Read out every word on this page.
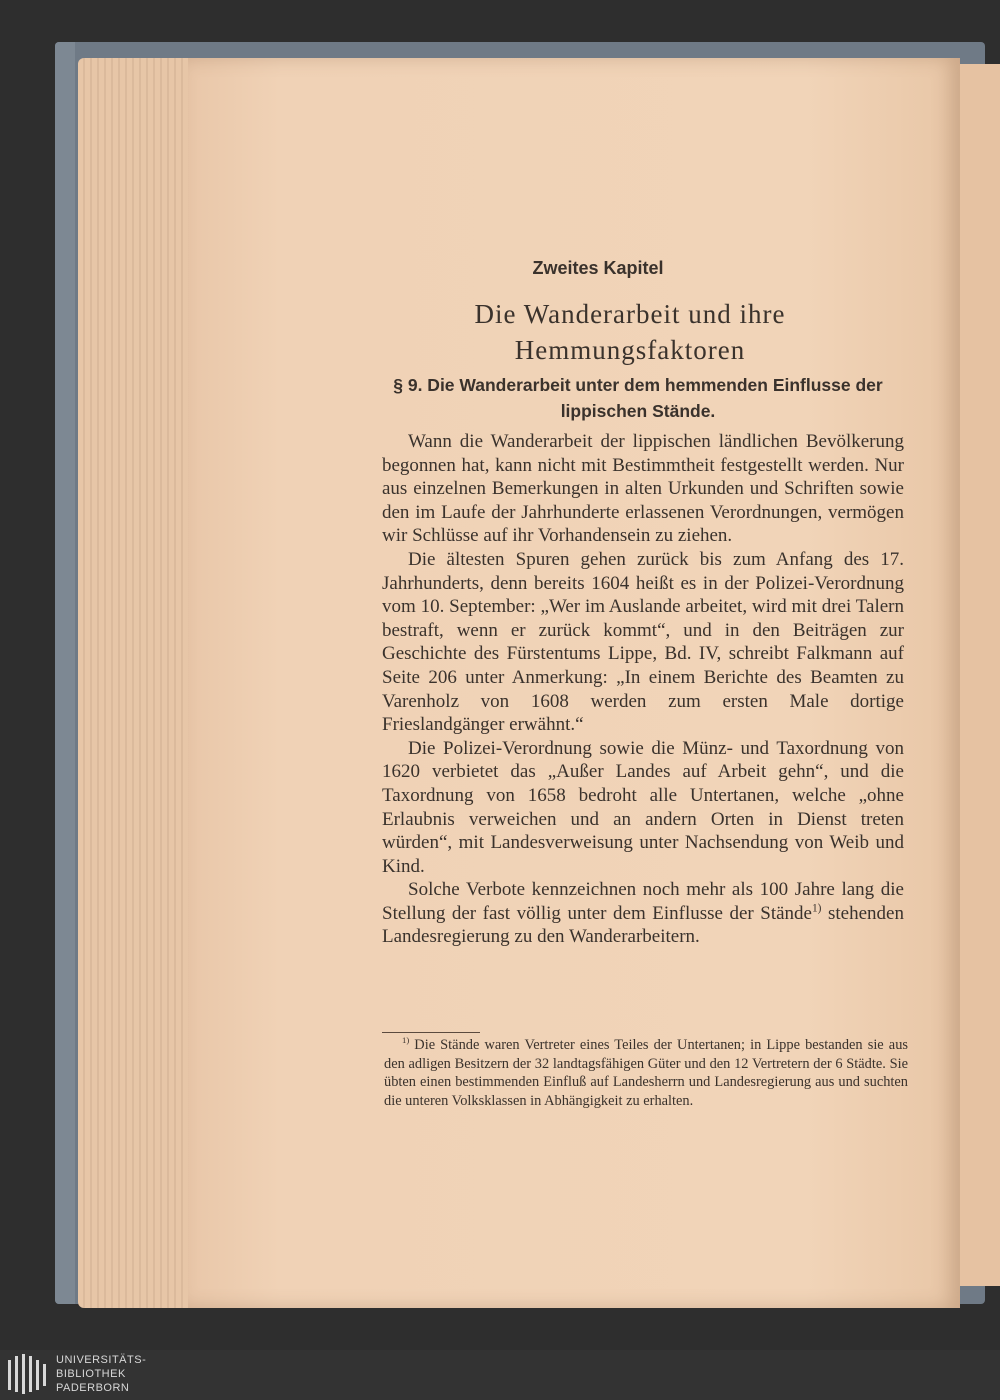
Zweites Kapitel
Die Wanderarbeit und ihre
Hemmungsfaktoren
§ 9. Die Wanderarbeit unter dem hemmenden Einflusse der
lippischen Stände.

Wann die Wanderarbeit der lippischen ländlichen Bevölkerung begonnen hat, kann nicht mit Bestimmtheit festgestellt werden. Nur aus einzelnen Bemerkungen in alten Urkunden und Schriften sowie den im Laufe der Jahrhunderte erlassenen Verordnungen, vermögen wir Schlüsse auf ihr Vorhandensein zu ziehen.

Die ältesten Spuren gehen zurück bis zum Anfang des 17. Jahrhunderts, denn bereits 1604 heißt es in der Polizei-Verordnung vom 10. September: „Wer im Auslande arbeitet, wird mit drei Talern bestraft, wenn er zurück kommt“, und in den Beiträgen zur Geschichte des Fürstentums Lippe, Bd. IV, schreibt Falkmann auf Seite 206 unter Anmerkung: „In einem Berichte des Beamten zu Varenholz von 1608 werden zum ersten Male dortige Frieslandgänger erwähnt.“

Die Polizei-Verordnung sowie die Münz- und Taxordnung von 1620 verbietet das „Außer Landes auf Arbeit gehn“, und die Taxordnung von 1658 bedroht alle Untertanen, welche „ohne Erlaubnis verweichen und an andern Orten in Dienst treten würden“, mit Landesverweisung unter Nachsendung von Weib und Kind.

Solche Verbote kennzeichnen noch mehr als 100 Jahre lang die Stellung der fast völlig unter dem Einflusse der Stände$^{1)}$ stehenden Landesregierung zu den Wanderarbeitern.

$^{1)}$ Die Stände waren Vertreter eines Teiles der Untertanen; in Lippe bestanden sie aus den adligen Besitzern der 32 landtagsfähigen Güter und den 12 Vertretern der 6 Städte. Sie übten einen bestimmenden Einfluß auf Landesherrn und Landesregierung aus und suchten die unteren Volksklassen in Abhängigkeit zu erhalten.
UNIVERSITÄTS-
BIBLIOTHEK
PADERBORN
